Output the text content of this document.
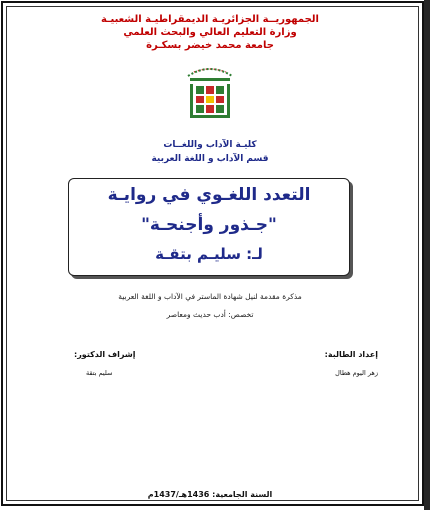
الجمهوريــة الجزائريـة الديمقراطيـة الشعبيـة
وزارة التعليم العالي والبحث العلمي
جامعة محمد خيضر بسكـرة
كليـة الآداب واللغــات
قسم الآداب و اللغة العربية
التعدد اللغـوي في روايـة
"جـذور وأجنحـة"
لـ: سليـم بتقـة
مذكرة مقدمة لنيل شهادة الماستر في الآداب و اللغة العربية
تخصص: أدب حديث ومعاصر
إعداد الطالبة:
زهر اليوم هطال
إشراف الدكتور:
سليم بتقة
السنة الجامعية: 1436هـ/1437م
